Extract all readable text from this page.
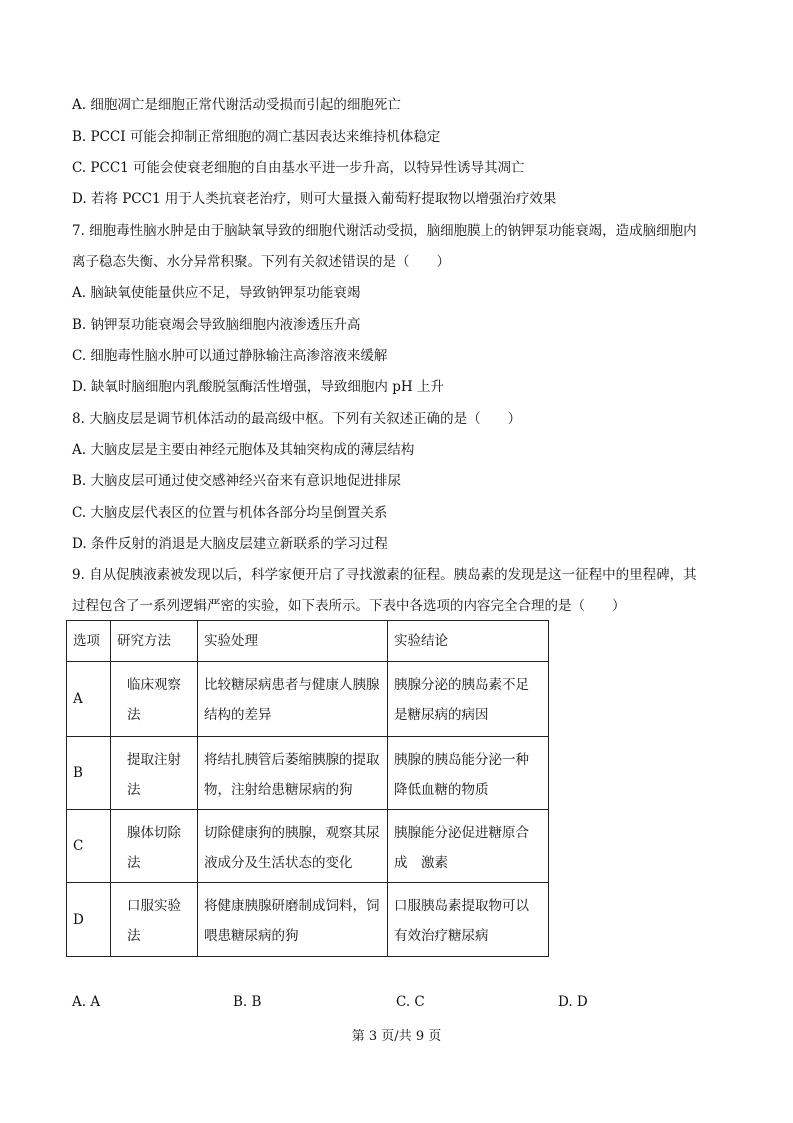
A. 细胞凋亡是细胞正常代谢活动受损而引起的细胞死亡
B. PCCI 可能会抑制正常细胞的凋亡基因表达来维持机体稳定
C. PCC1 可能会使衰老细胞的自由基水平进一步升高，以特异性诱导其凋亡
D. 若将 PCC1 用于人类抗衰老治疗，则可大量摄入葡萄籽提取物以增强治疗效果
7. 细胞毒性脑水肿是由于脑缺氧导致的细胞代谢活动受损，脑细胞膜上的钠钾泵功能衰竭，造成脑细胞内
离子稳态失衡、水分异常积聚。下列有关叙述错误的是（　　）
A. 脑缺氧使能量供应不足，导致钠钾泵功能衰竭
B. 钠钾泵功能衰竭会导致脑细胞内液渗透压升高
C. 细胞毒性脑水肿可以通过静脉输注高渗溶液来缓解
D. 缺氧时脑细胞内乳酸脱氢酶活性增强，导致细胞内 pH 上升
8. 大脑皮层是调节机体活动的最高级中枢。下列有关叙述正确的是（　　）
A. 大脑皮层是主要由神经元胞体及其轴突构成的薄层结构
B. 大脑皮层可通过使交感神经兴奋来有意识地促进排尿
C. 大脑皮层代表区的位置与机体各部分均呈倒置关系
D. 条件反射的消退是大脑皮层建立新联系的学习过程
9. 自从促胰液素被发现以后，科学家便开启了寻找激素的征程。胰岛素的发现是这一征程中的里程碑，其
过程包含了一系列逻辑严密的实验，如下表所示。下表中各选项的内容完全合理的是（　　）
选项	研究方法	实验处理	实验结论
A	临床观察法	比较糖尿病患者与健康人胰腺结构的差异	胰腺分泌的胰岛素不足是糖尿病的病因
B	提取注射法	将结扎胰管后萎缩胰腺的提取物，注射给患糖尿病的狗	胰腺的胰岛能分泌一种降低血糖的物质
C	腺体切除法	切除健康狗的胰腺，观察其尿液成分及生活状态的变化	胰腺能分泌促进糖原合成　激素
D	口服实验法	将健康胰腺研磨制成饲料，饲喂患糖尿病的狗	口服胰岛素提取物可以有效治疗糖尿病
A. A	B. B	C. C	D. D
第 3 页/共 9 页
